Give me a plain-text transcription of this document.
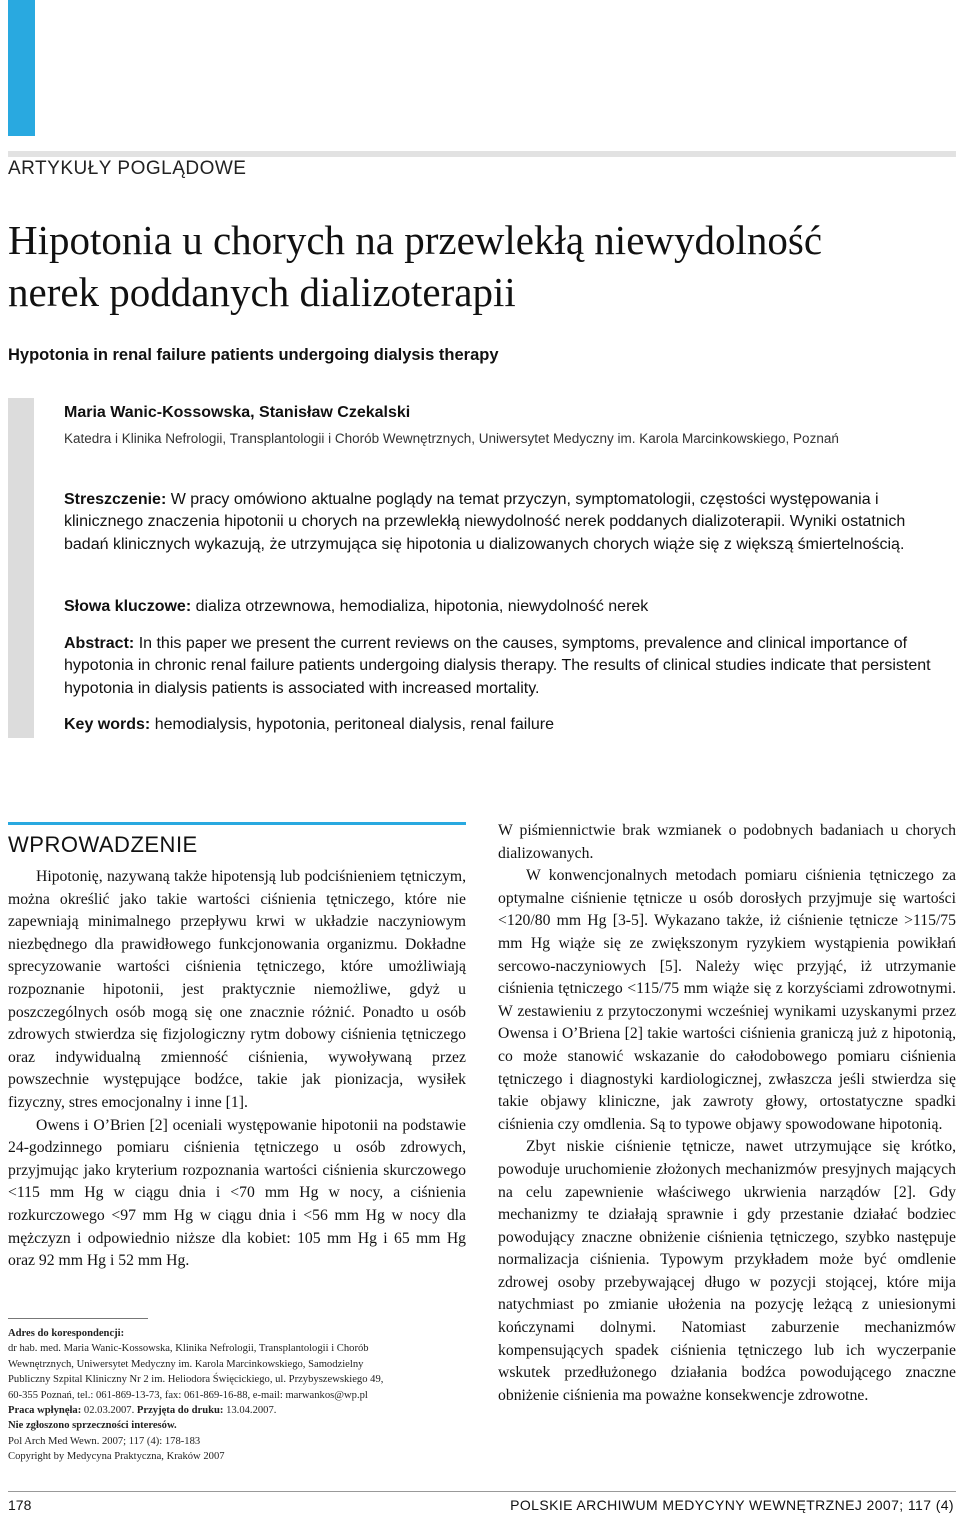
ARTYKUŁY POGLĄDOWE
Hipotonia u chorych na przewlekłą niewydolność
nerek poddanych dializoterapii
Hypotonia in renal failure patients undergoing dialysis therapy
Maria Wanic-Kossowska, Stanisław Czekalski
Katedra i Klinika Nefrologii, Transplantologii i Chorób Wewnętrznych, Uniwersytet Medyczny im. Karola Marcinkowskiego, Poznań
Streszczenie: W pracy omówiono aktualne poglądy na temat przyczyn, symptomatologii, częstości występowania i klinicznego znaczenia hipotonii u chorych na przewlekłą niewydolność nerek poddanych dializoterapii. Wyniki ostatnich badań klinicznych wykazują, że utrzymująca się hipotonia u dializowanych chorych wiąże się z większą śmiertelnością.
Słowa kluczowe: dializa otrzewnowa, hemodializa, hipotonia, niewydolność nerek
Abstract: In this paper we present the current reviews on the causes, symptoms, prevalence and clinical importance of hypotonia in chronic renal failure patients undergoing dialysis therapy. The results of clinical studies indicate that persistent hypotonia in dialysis patients is associated with increased mortality.
Key words: hemodialysis, hypotonia, peritoneal dialysis, renal failure
WPROWADZENIE

Hipotonię, nazywaną także hipotensją lub podciśnieniem tętniczym, można określić jako takie wartości ciśnienia tętniczego, które nie zapewniają minimalnego przepływu krwi w układzie naczyniowym niezbędnego dla prawidłowego funkcjonowania organizmu. Dokładne sprecyzowanie wartości ciśnienia tętniczego, które umożliwiają rozpoznanie hipotonii, jest praktycznie niemożliwe, gdyż u poszczególnych osób mogą się one znacznie różnić. Ponadto u osób zdrowych stwierdza się fizjologiczny rytm dobowy ciśnienia tętniczego oraz indywidualną zmienność ciśnienia, wywoływaną przez powszechnie występujące bodźce, takie jak pionizacja, wysiłek fizyczny, stres emocjonalny i inne [1].

Owens i O’Brien [2] oceniali występowanie hipotonii na podstawie 24-godzinnego pomiaru ciśnienia tętniczego u osób zdrowych, przyjmując jako kryterium rozpoznania wartości ciśnienia skurczowego <115 mm Hg w ciągu dnia i <70 mm Hg w nocy, a ciśnienia rozkurczowego <97 mm Hg w ciągu dnia i <56 mm Hg w nocy dla mężczyzn i odpowiednio niższe dla kobiet: 105 mm Hg i 65 mm Hg oraz 92 mm Hg i 52 mm Hg.

W piśmiennictwie brak wzmianek o podobnych badaniach u chorych dializowanych.

W konwencjonalnych metodach pomiaru ciśnienia tętniczego za optymalne ciśnienie tętnicze u osób dorosłych przyjmuje się wartości <120/80 mm Hg [3-5]. Wykazano także, iż ciśnienie tętnicze >115/75 mm Hg wiąże się ze zwiększonym ryzykiem wystąpienia powikłań sercowo-naczyniowych [5]. Należy więc przyjąć, iż utrzymanie ciśnienia tętniczego <115/75 mm wiąże się z korzyściami zdrowotnymi. W zestawieniu z przytoczonymi wcześniej wynikami uzyskanymi przez Owensa i O’Briena [2] takie wartości ciśnienia graniczą już z hipotonią, co może stanowić wskazanie do całodobowego pomiaru ciśnienia tętniczego i diagnostyki kardiologicznej, zwłaszcza jeśli stwierdza się takie objawy kliniczne, jak zawroty głowy, ortostatyczne spadki ciśnienia czy omdlenia. Są to typowe objawy spowodowane hipotonią.

Zbyt niskie ciśnienie tętnicze, nawet utrzymujące się krótko, powoduje uruchomienie złożonych mechanizmów presyjnych mających na celu zapewnienie właściwego ukrwienia narządów [2]. Gdy mechanizmy te działają sprawnie i gdy przestanie działać bodziec powodujący znaczne obniżenie ciśnienia tętniczego, szybko następuje normalizacja ciśnienia. Typowym przykładem może być omdlenie zdrowej osoby przebywającej długo w pozycji stojącej, które mija natychmiast po zmianie ułożenia na pozycję leżącą z uniesionymi kończynami dolnymi. Natomiast zaburzenie mechanizmów kompensujących spadek ciśnienia tętniczego lub ich wyczerpanie wskutek przedłużonego działania bodźca powodującego znaczne obniżenie ciśnienia ma poważne konsekwencje zdrowotne.

Adres do korespondencji:
dr hab. med. Maria Wanic-Kossowska, Klinika Nefrologii, Transplantologii i Chorób
Wewnętrznych, Uniwersytet Medyczny im. Karola Marcinkowskiego, Samodzielny
Publiczny Szpital Kliniczny Nr 2 im. Heliodora Święcickiego, ul. Przybyszewskiego 49,
60-355 Poznań, tel.: 061-869-13-73, fax: 061-869-16-88, e-mail: marwankos@wp.pl
Praca wpłynęła: 02.03.2007. Przyjęta do druku: 13.04.2007.
Nie zgłoszono sprzeczności interesów.
Pol Arch Med Wewn. 2007; 117 (4): 178-183
Copyright by Medycyna Praktyczna, Kraków 2007
178	POLSKIE ARCHIWUM MEDYCYNY WEWNĘTRZNEJ 2007; 117 (4)
